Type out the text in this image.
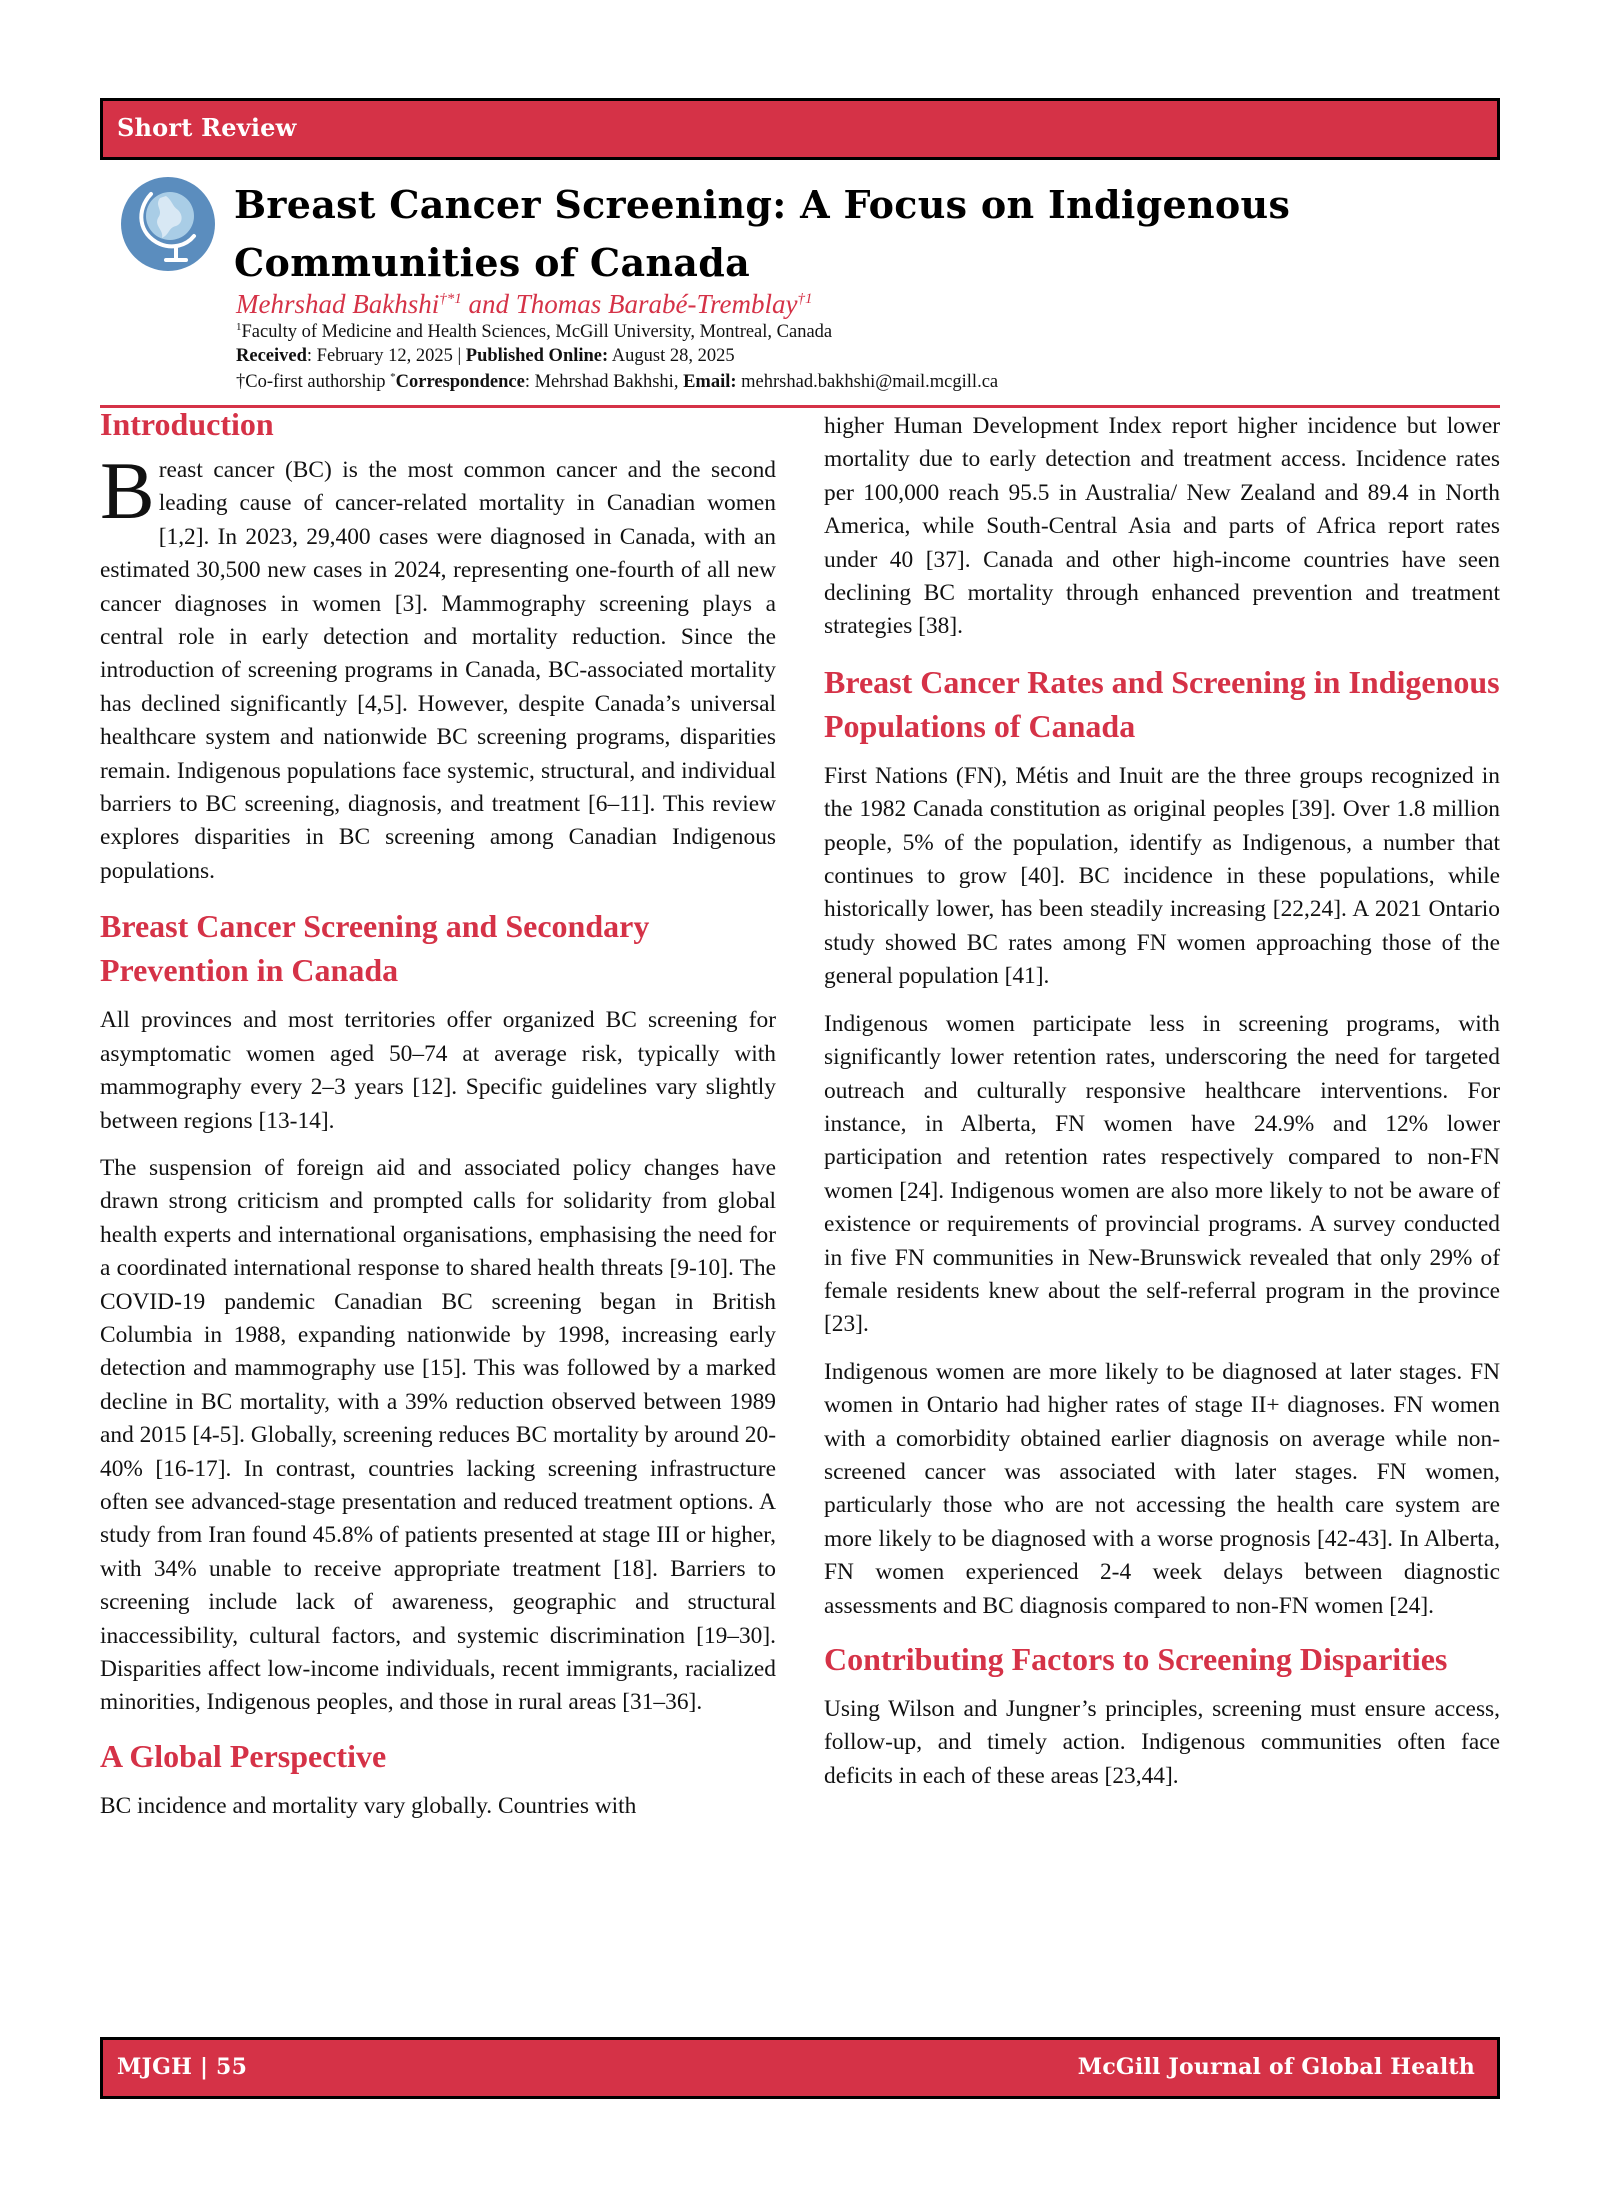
Short Review
Breast Cancer Screening: A Focus on Indigenous Communities of Canada
Mehrshad Bakhshi$^{\dagger*1}$ and Thomas Barabé-Tremblay$^{\dagger 1}$
$^1$Faculty of Medicine and Health Sciences, McGill University, Montreal, Canada
Received: February 12, 2025 | Published Online: August 28, 2025
†Co-first authorship *Correspondence: Mehrshad Bakhshi, Email: mehrshad.bakhshi@mail.mcgill.ca
Introduction

Breast cancer (BC) is the most common cancer and the second leading cause of cancer-related mortality in Canadian women [1,2]. In 2023, 29,400 cases were diagnosed in Canada, with an estimated 30,500 new cases in 2024, representing one-fourth of all new cancer diagnoses in women [3]. Mammography screening plays a central role in early detection and mortality reduction. Since the introduction of screening programs in Canada, BC-associated mortality has declined significantly [4,5]. However, despite Canada’s universal healthcare system and nationwide BC screening programs, disparities remain. Indigenous populations face systemic, structural, and individual barriers to BC screening, diagnosis, and treatment [6–11]. This review explores disparities in BC screening among Canadian Indigenous populations.

Breast Cancer Screening and Secondary Prevention in Canada

All provinces and most territories offer organized BC screening for asymptomatic women aged 50–74 at average risk, typically with mammography every 2–3 years [12]. Specific guidelines vary slightly between regions [13-14].

The suspension of foreign aid and associated policy changes have drawn strong criticism and prompted calls for solidarity from global health experts and international organisations, emphasising the need for a coordinated international response to shared health threats [9-10]. The COVID-19 pandemic Canadian BC screening began in British Columbia in 1988, expanding nationwide by 1998, increasing early detection and mammography use [15]. This was followed by a marked decline in BC mortality, with a 39% reduction observed between 1989 and 2015 [4-5]. Globally, screening reduces BC mortality by around 20-40% [16-17]. In contrast, countries lacking screening infrastructure often see advanced-stage presentation and reduced treatment options. A study from Iran found 45.8% of patients presented at stage III or higher, with 34% unable to receive appropriate treatment [18]. Barriers to screening include lack of awareness, geographic and structural inaccessibility, cultural factors, and systemic discrimination [19–30]. Disparities affect low-income individuals, recent immigrants, racialized minorities, Indigenous peoples, and those in rural areas [31–36].

A Global Perspective

BC incidence and mortality vary globally. Countries with

higher Human Development Index report higher incidence but lower mortality due to early detection and treatment access. Incidence rates per 100,000 reach 95.5 in Australia/ New Zealand and 89.4 in North America, while South-Central Asia and parts of Africa report rates under 40 [37]. Canada and other high-income countries have seen declining BC mortality through enhanced prevention and treatment strategies [38].

Breast Cancer Rates and Screening in Indigenous Populations of Canada

First Nations (FN), Métis and Inuit are the three groups recognized in the 1982 Canada constitution as original peoples [39]. Over 1.8 million people, 5% of the population, identify as Indigenous, a number that continues to grow [40]. BC incidence in these populations, while historically lower, has been steadily increasing [22,24]. A 2021 Ontario study showed BC rates among FN women approaching those of the general population [41].

Indigenous women participate less in screening programs, with significantly lower retention rates, underscoring the need for targeted outreach and culturally responsive healthcare interventions. For instance, in Alberta, FN women have 24.9% and 12% lower participation and retention rates respectively compared to non-FN women [24]. Indigenous women are also more likely to not be aware of existence or requirements of provincial programs. A survey conducted in five FN communities in New-Brunswick revealed that only 29% of female residents knew about the self-referral program in the province [23].

Indigenous women are more likely to be diagnosed at later stages. FN women in Ontario had higher rates of stage II+ diagnoses. FN women with a comorbidity obtained earlier diagnosis on average while non-screened cancer was associated with later stages. FN women, particularly those who are not accessing the health care system are more likely to be diagnosed with a worse prognosis [42-43]. In Alberta, FN women experienced 2-4 week delays between diagnostic assessments and BC diagnosis compared to non-FN women [24].

Contributing Factors to Screening Disparities

Using Wilson and Jungner’s principles, screening must ensure access, follow-up, and timely action. Indigenous communities often face deficits in each of these areas [23,44].

MJGH | 55	McGill Journal of Global Health
